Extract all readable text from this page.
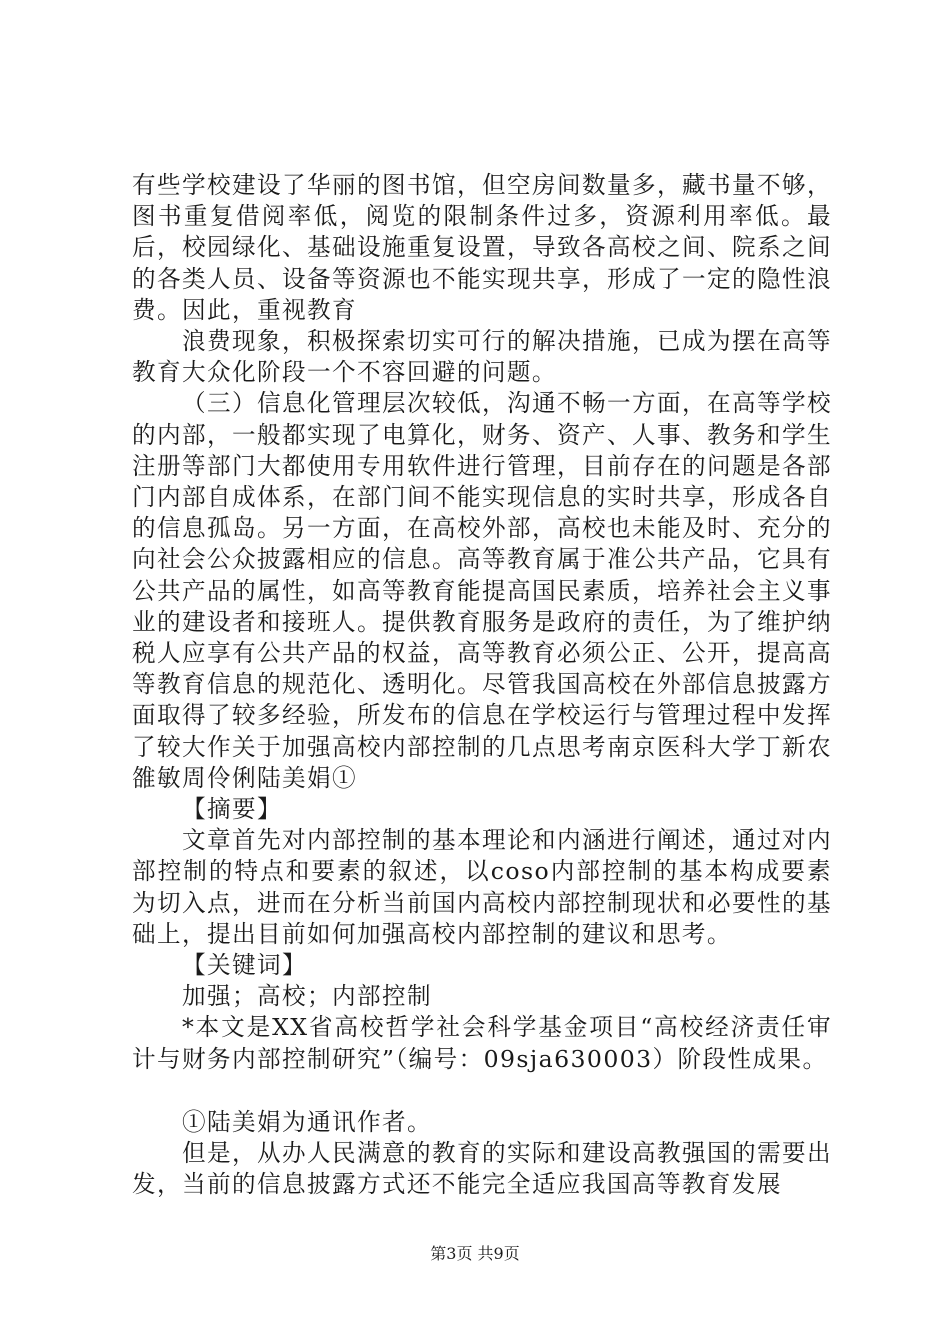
有些学校建设了华丽的图书馆，但空房间数量多，藏书量不够，图书重复借阅率低，阅览的限制条件过多，资源利用率低。最后，校园绿化、基础设施重复设置，导致各高校之间、院系之间的各类人员、设备等资源也不能实现共享，形成了一定的隐性浪费。因此，重视教育

浪费现象，积极探索切实可行的解决措施，已成为摆在高等教育大众化阶段一个不容回避的问题。

（三）信息化管理层次较低，沟通不畅一方面，在高等学校的内部，一般都实现了电算化，财务、资产、人事、教务和学生注册等部门大都使用专用软件进行管理，目前存在的问题是各部门内部自成体系，在部门间不能实现信息的实时共享，形成各自的信息孤岛。另一方面，在高校外部，高校也未能及时、充分的向社会公众披露相应的信息。高等教育属于准公共产品，它具有公共产品的属性，如高等教育能提高国民素质，培养社会主义事业的建设者和接班人。提供教育服务是政府的责任，为了维护纳税人应享有公共产品的权益，高等教育必须公正、公开，提高高等教育信息的规范化、透明化。尽管我国高校在外部信息披露方面取得了较多经验，所发布的信息在学校运行与管理过程中发挥了较大作关于加强高校内部控制的几点思考南京医科大学丁新农雒敏周伶俐陆美娟①

【摘要】

文章首先对内部控制的基本理论和内涵进行阐述，通过对内部控制的特点和要素的叙述，以coso内部控制的基本构成要素为切入点，进而在分析当前国内高校内部控制现状和必要性的基础上，提出目前如何加强高校内部控制的建议和思考。

【关键词】

加强；高校；内部控制

*本文是XX省高校哲学社会科学基金项目“高校经济责任审计与财务内部控制研究”（编号：09sja630003）阶段性成果。

①陆美娟为通讯作者。

但是，从办人民满意的教育的实际和建设高教强国的需要出发，当前的信息披露方式还不能完全适应我国高等教育发展

第3页 共9页
